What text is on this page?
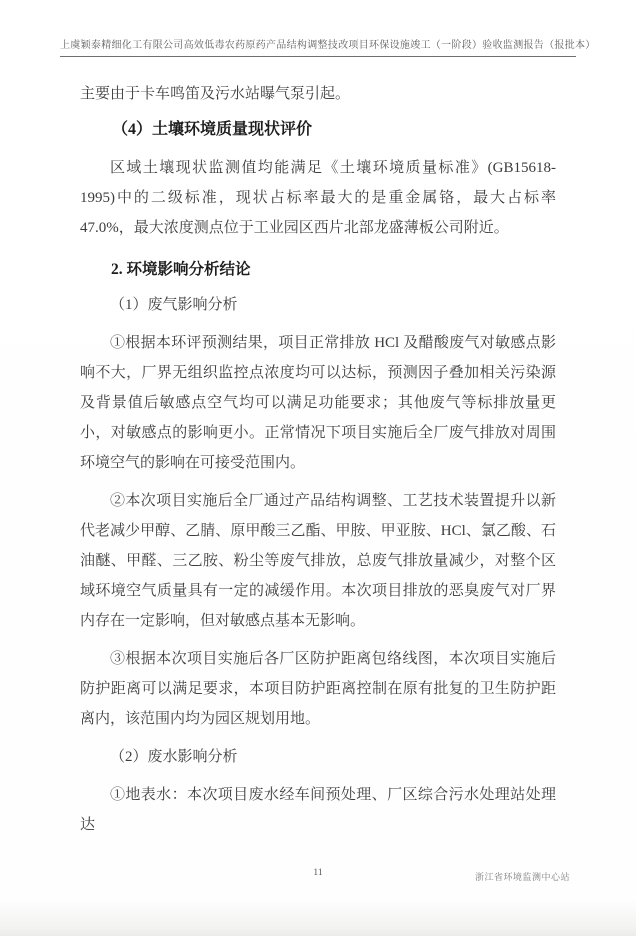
上虞颖泰精细化工有限公司高效低毒农药原药产品结构调整技改项目环保设施竣工（一阶段）验收监测报告（报批本）
主要由于卡车鸣笛及污水站曝气泵引起。
（4）土壤环境质量现状评价
区域土壤现状监测值均能满足《土壤环境质量标准》(GB15618-1995)中的二级标准，现状占标率最大的是重金属铬，最大占标率 47.0%，最大浓度测点位于工业园区西片北部龙盛薄板公司附近。
2. 环境影响分析结论
（1）废气影响分析
①根据本环评预测结果，项目正常排放 HCl 及醋酸废气对敏感点影响不大，厂界无组织监控点浓度均可以达标，预测因子叠加相关污染源及背景值后敏感点空气均可以满足功能要求；其他废气等标排放量更小，对敏感点的影响更小。正常情况下项目实施后全厂废气排放对周围环境空气的影响在可接受范围内。
②本次项目实施后全厂通过产品结构调整、工艺技术装置提升以新代老减少甲醇、乙腈、原甲酸三乙酯、甲胺、甲亚胺、HCl、氯乙酸、石油醚、甲醛、三乙胺、粉尘等废气排放，总废气排放量减少，对整个区域环境空气质量具有一定的减缓作用。本次项目排放的恶臭废气对厂界内存在一定影响，但对敏感点基本无影响。
③根据本次项目实施后各厂区防护距离包络线图，本次项目实施后防护距离可以满足要求，本项目防护距离控制在原有批复的卫生防护距离内，该范围内均为园区规划用地。
（2）废水影响分析
①地表水：本次项目废水经车间预处理、厂区综合污水处理站处理达
11	浙江省环境监测中心站
